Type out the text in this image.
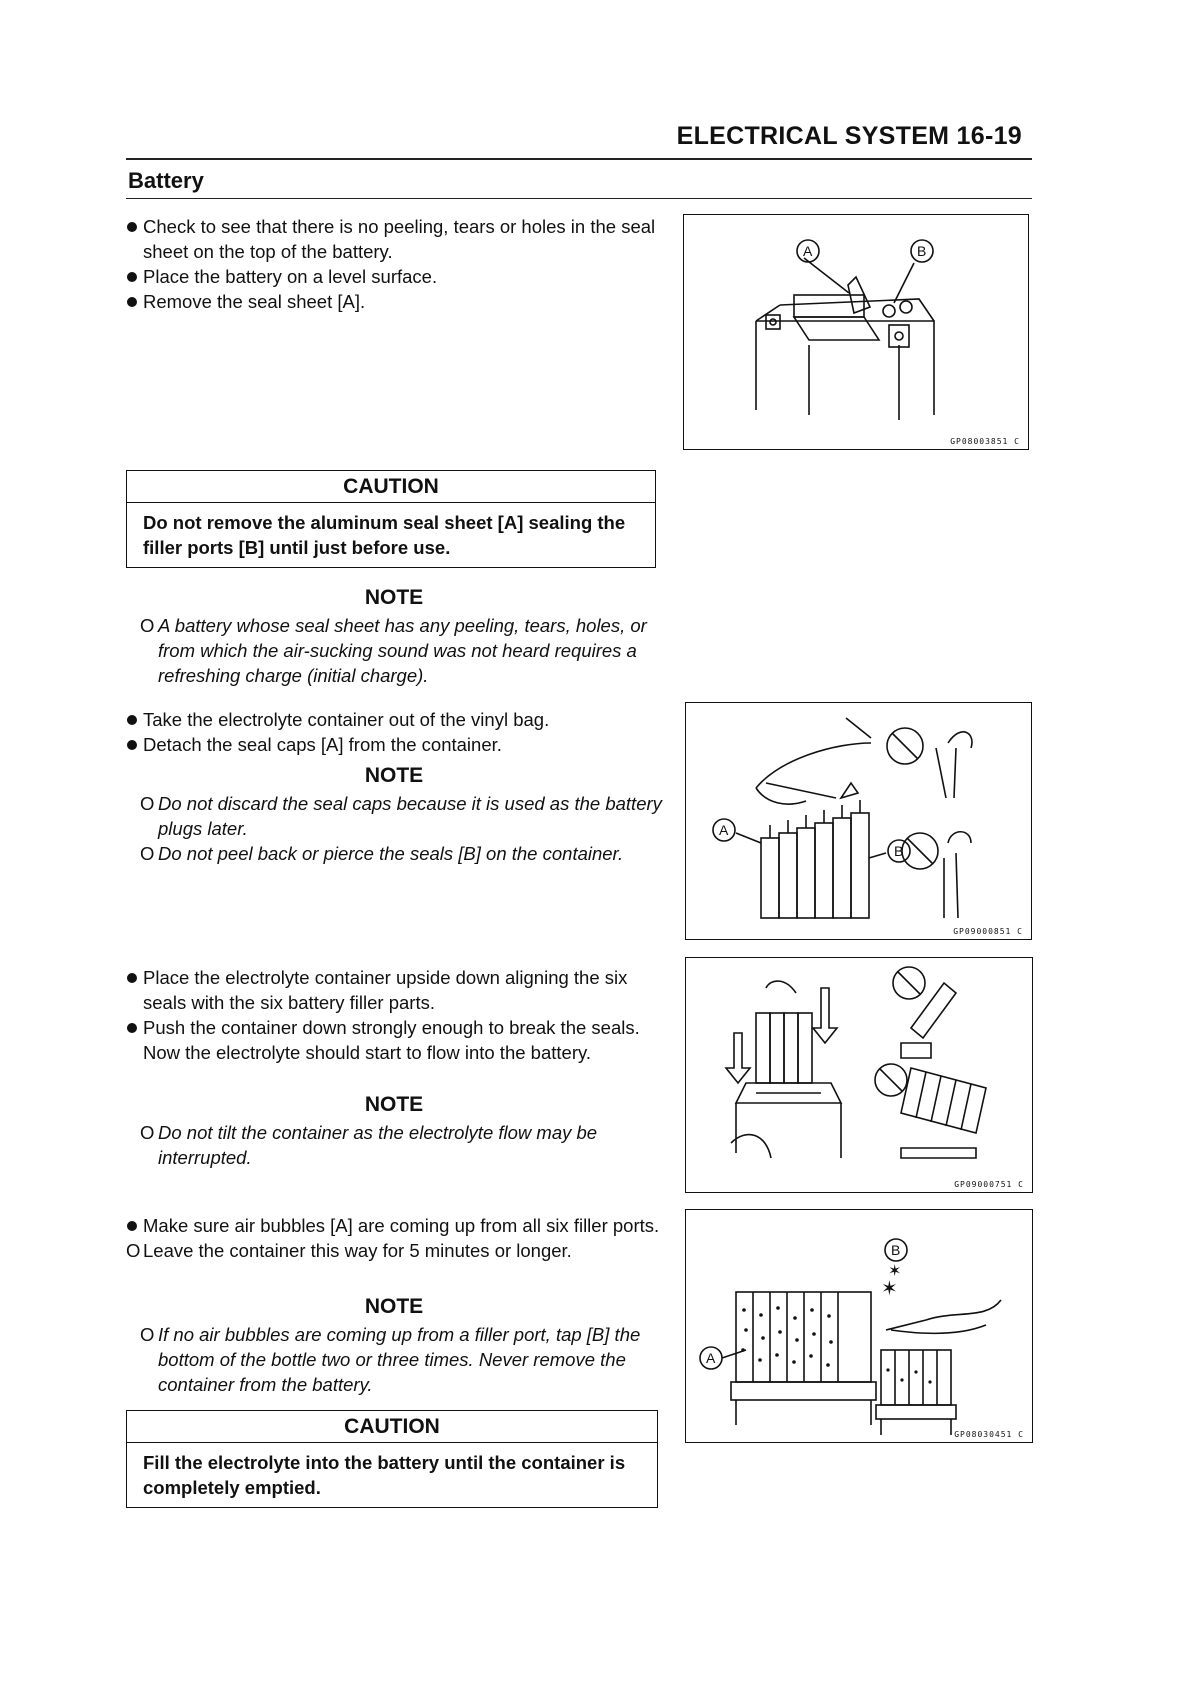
ELECTRICAL SYSTEM 16-19
Battery
Check to see that there is no peeling, tears or holes in the seal sheet on the top of the battery.
Place the battery on a level surface.
Remove the seal sheet [A].
A	B
GP08003851 C
CAUTION
Do not remove the aluminum seal sheet [A] sealing the filler ports [B] until just before use.
NOTE
O A battery whose seal sheet has any peeling, tears, holes, or from which the air-sucking sound was not heard requires a refreshing charge (initial charge).
Take the electrolyte container out of the vinyl bag.
Detach the seal caps [A] from the container.
NOTE
O Do not discard the seal caps because it is used as the battery plugs later.
O Do not peel back or pierce the seals [B] on the container.
A
B
GP09000851 C
Place the electrolyte container upside down aligning the six seals with the six battery filler parts.
Push the container down strongly enough to break the seals. Now the electrolyte should start to flow into the battery.
NOTE
O Do not tilt the container as the electrolyte flow may be interrupted.
GP09000751 C
Make sure air bubbles [A] are coming up from all six filler ports.
O Leave the container this way for 5 minutes or longer.
NOTE
O If no air bubbles are coming up from a filler port, tap [B] the bottom of the bottle two or three times. Never remove the container from the battery.
✶
✶
A
B
GP08030451 C
CAUTION
Fill the electrolyte into the battery until the container is completely emptied.
